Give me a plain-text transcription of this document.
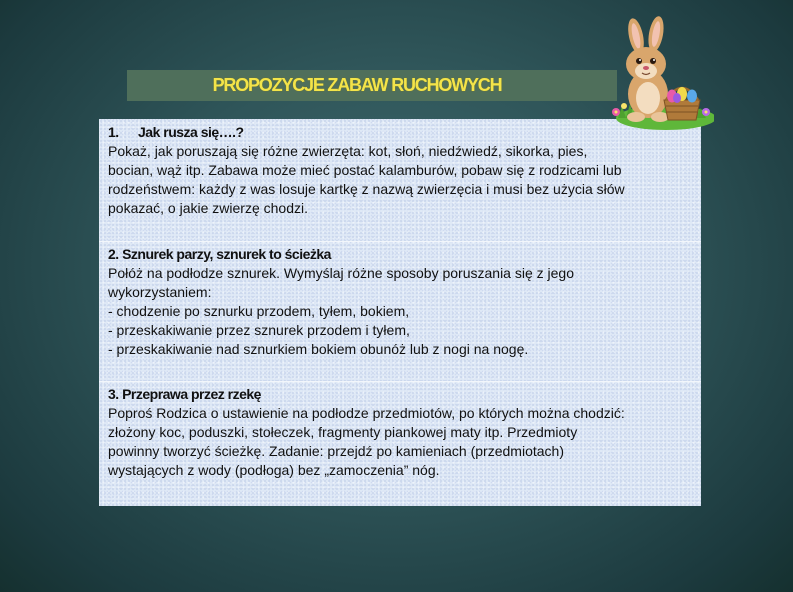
PROPOZYCJE ZABAW RUCHOWYCH
1. Jak rusza się….?
Pokaż, jak poruszają się różne zwierzęta: kot, słoń, niedźwiedź, sikorka, pies,
bocian, wąż itp. Zabawa może mieć postać kalamburów, pobaw się z rodzicami lub
rodzeństwem: każdy z was losuje kartkę z nazwą zwierzęcia i musi bez użycia słów
pokazać, o jakie zwierzę chodzi.
2. Sznurek parzy, sznurek to ścieżka
Połóż na podłodze sznurek. Wymyślaj różne sposoby poruszania się z jego
wykorzystaniem:
- chodzenie po sznurku przodem, tyłem, bokiem,
- przeskakiwanie przez sznurek przodem i tyłem,
- przeskakiwanie nad sznurkiem bokiem obunóż lub z nogi na nogę.
3. Przeprawa przez rzekę
Poproś Rodzica o ustawienie na podłodze przedmiotów, po których można chodzić:
złożony koc, poduszki, stołeczek, fragmenty piankowej maty itp. Przedmioty
powinny tworzyć ścieżkę. Zadanie: przejdź po kamieniach (przedmiotach)
wystających z wody (podłoga) bez „zamoczenia” nóg.
